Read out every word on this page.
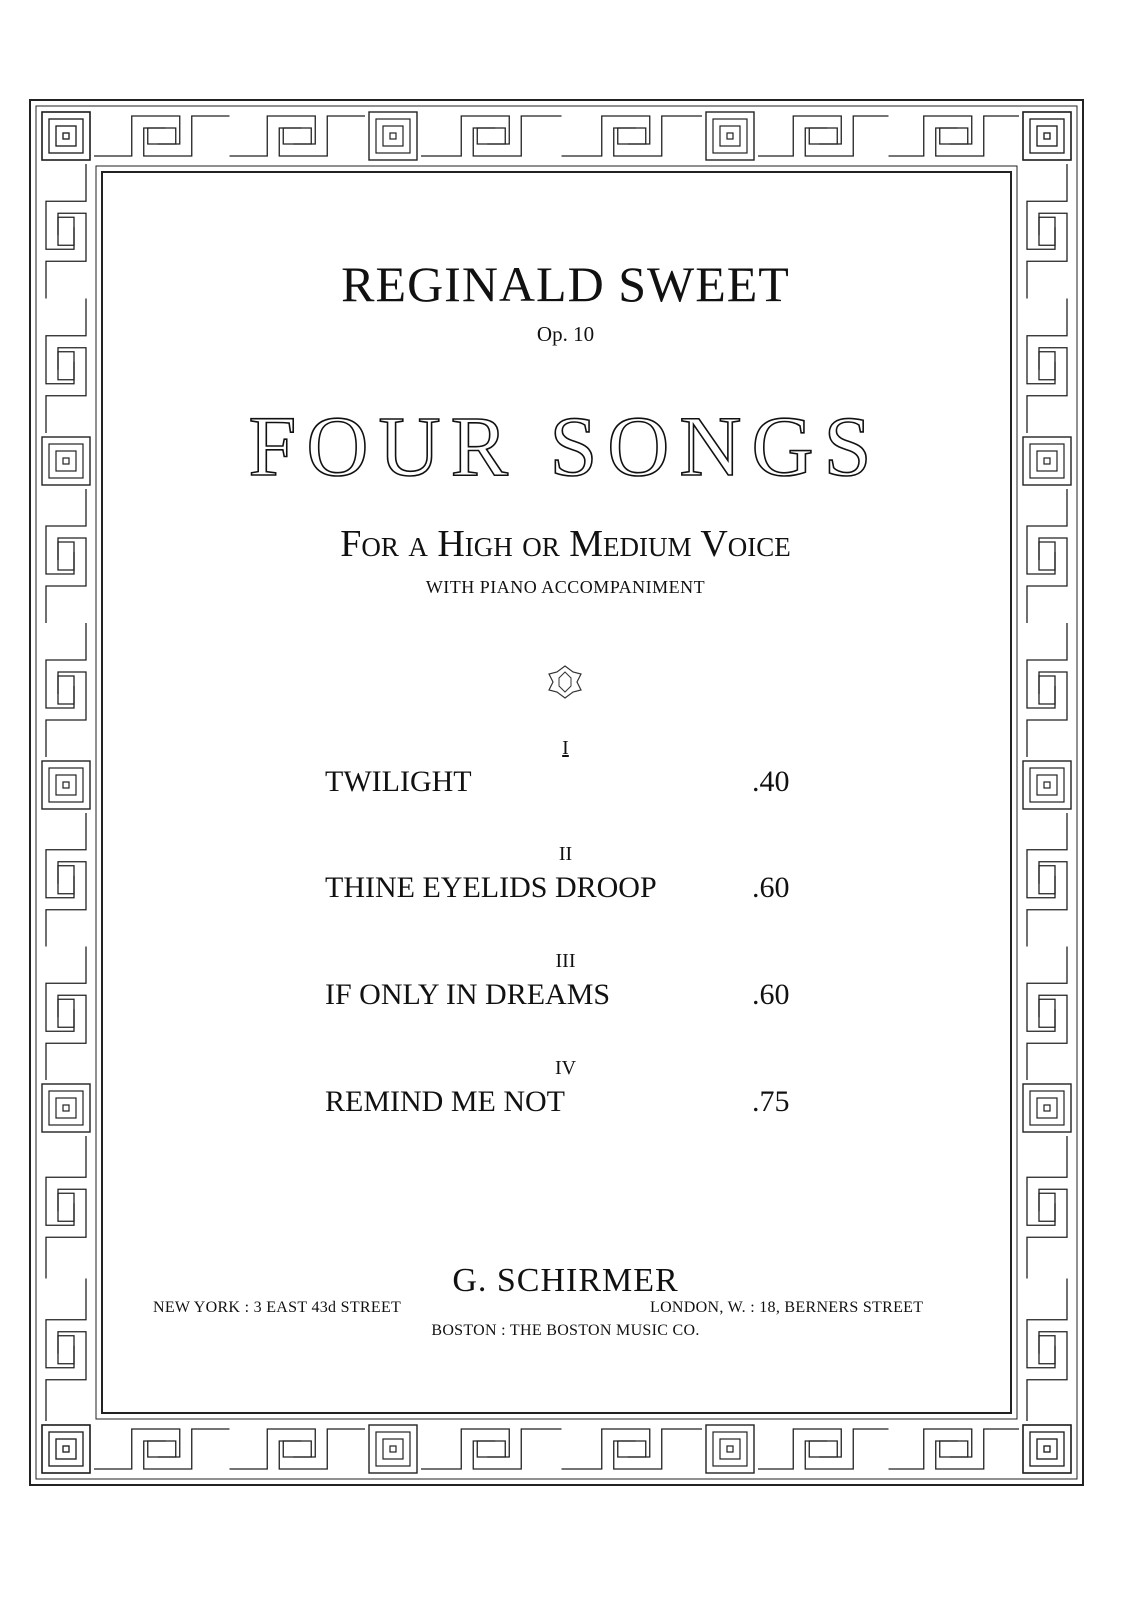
REGINALD SWEET
Op. 10
FOUR SONGS
For a High or Medium Voice
WITH PIANO ACCOMPANIMENT
I
TWILIGHT	.40
II
THINE EYELIDS DROOP	.60
III
IF ONLY IN DREAMS	.60
IV
REMIND ME NOT	.75
G. SCHIRMER
NEW YORK : 3 EAST 43d STREET	LONDON, W. : 18, BERNERS STREET
BOSTON : THE BOSTON MUSIC CO.
